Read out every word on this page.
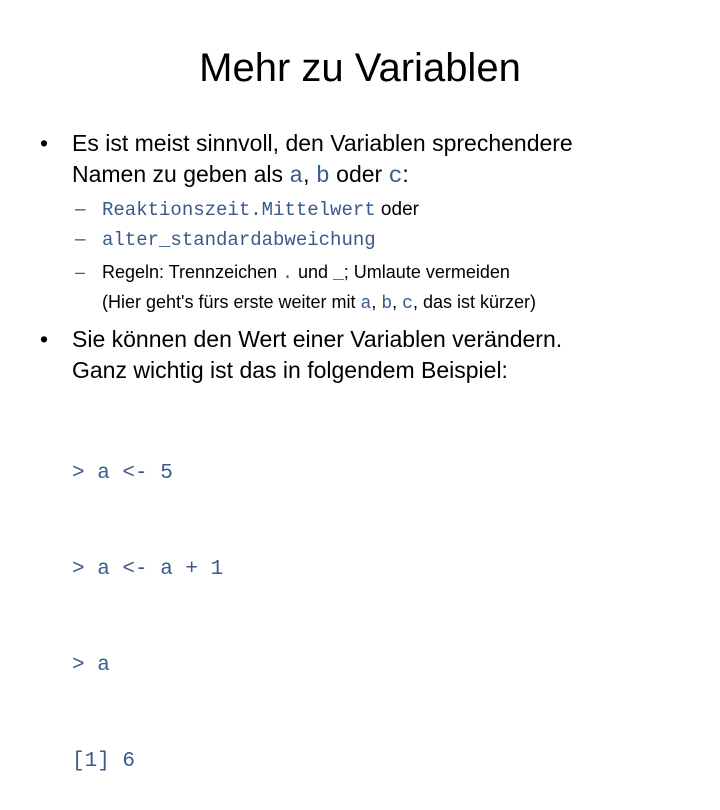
Mehr zu Variablen
• Es ist meist sinnvoll, den Variablen sprechendere
Namen zu geben als a, b oder c:
– Reaktionszeit.Mittelwert oder
– alter_standardabweichung
– Regeln: Trennzeichen . und _; Umlaute vermeiden
(Hier geht's fürs erste weiter mit a, b, c, das ist kürzer)
• Sie können den Wert einer Variablen verändern.
Ganz wichtig ist das in folgendem Beispiel:

> a <- 5

> a <- a + 1

> a

[1] 6
